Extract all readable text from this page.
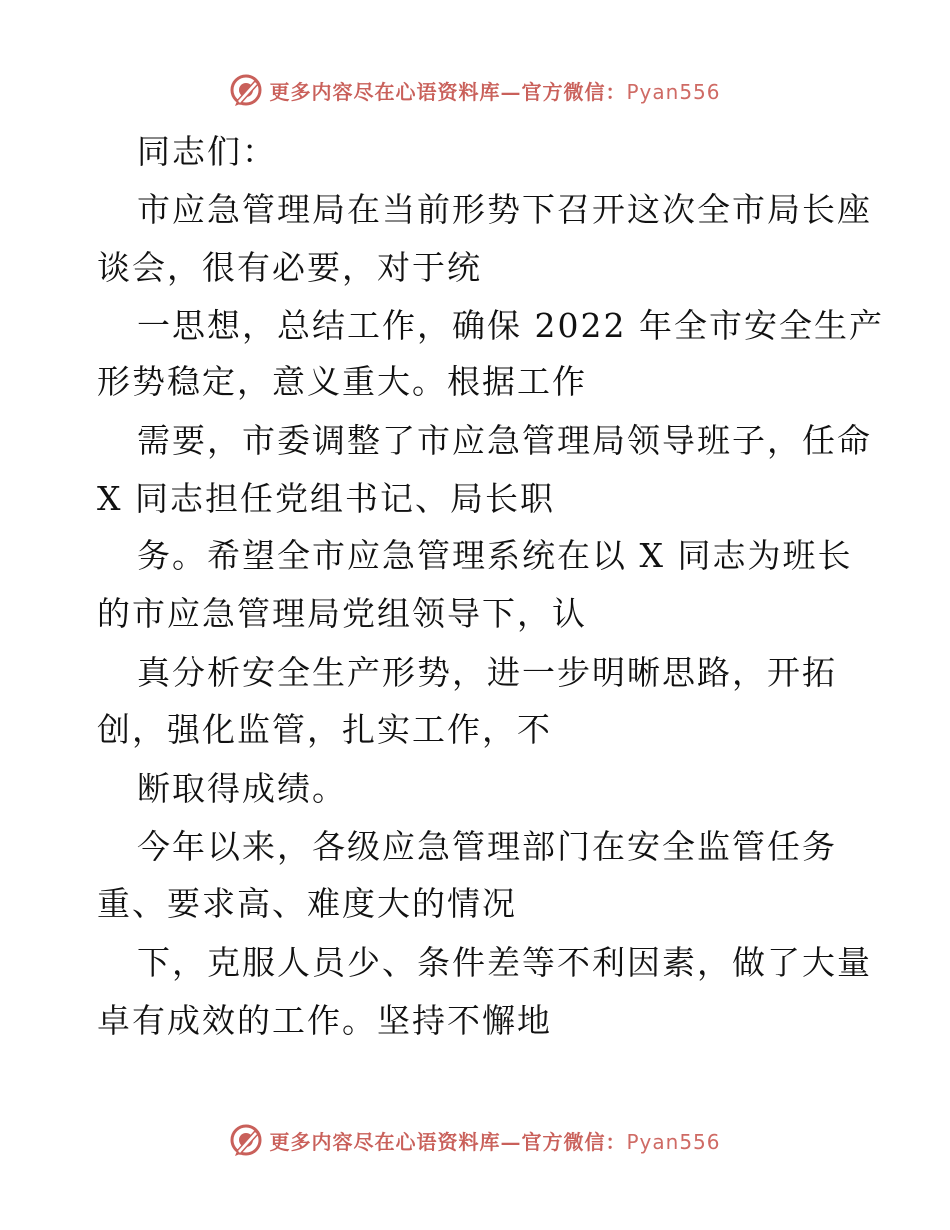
更多内容尽在心语资料库—官方微信：Pyan556
同志们：
市应急管理局在当前形势下召开这次全市局长座
谈会，很有必要，对于统
一思想，总结工作，确保 2022 年全市安全生产
形势稳定，意义重大。根据工作
需要，市委调整了市应急管理局领导班子，任命
X 同志担任党组书记、局长职
务。希望全市应急管理系统在以 X 同志为班长
的市应急管理局党组领导下，认
真分析安全生产形势，进一步明晰思路，开拓
创，强化监管，扎实工作，不
断取得成绩。
今年以来，各级应急管理部门在安全监管任务
重、要求高、难度大的情况
下，克服人员少、条件差等不利因素，做了大量
卓有成效的工作。坚持不懈地
更多内容尽在心语资料库—官方微信：Pyan556
